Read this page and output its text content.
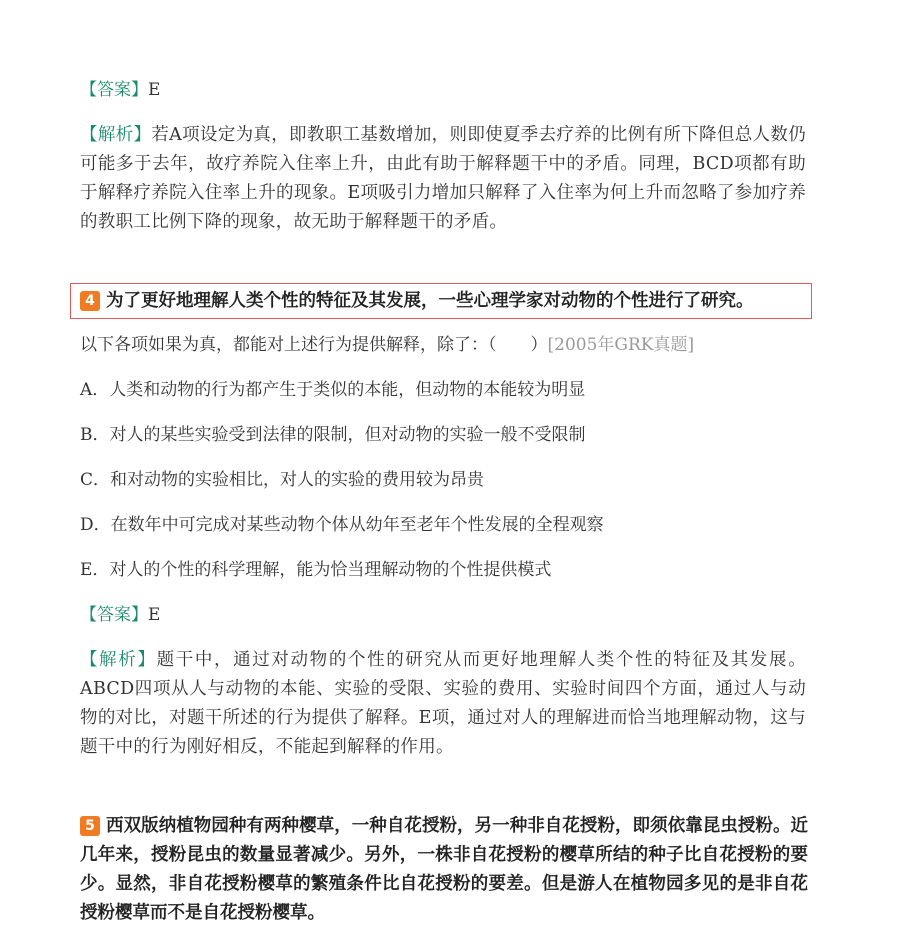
【答案】E
【解析】若A项设定为真，即教职工基数增加，则即使夏季去疗养的比例有所下降但总人数仍可能多于去年，故疗养院入住率上升，由此有助于解释题干中的矛盾。同理，BCD项都有助于解释疗养院入住率上升的现象。E项吸引力增加只解释了入住率为何上升而忽略了参加疗养的教职工比例下降的现象，故无助于解释题干的矛盾。
4 为了更好地理解人类个性的特征及其发展，一些心理学家对动物的个性进行了研究。
以下各项如果为真，都能对上述行为提供解释，除了：（　　）[2005年GRK真题]
A．人类和动物的行为都产生于类似的本能，但动物的本能较为明显
B．对人的某些实验受到法律的限制，但对动物的实验一般不受限制
C．和对动物的实验相比，对人的实验的费用较为昂贵
D．在数年中可完成对某些动物个体从幼年至老年个性发展的全程观察
E．对人的个性的科学理解，能为恰当理解动物的个性提供模式
【答案】E
【解析】题干中，通过对动物的个性的研究从而更好地理解人类个性的特征及其发展。ABCD四项从人与动物的本能、实验的受限、实验的费用、实验时间四个方面，通过人与动物的对比，对题干所述的行为提供了解释。E项，通过对人的理解进而恰当地理解动物，这与题干中的行为刚好相反，不能起到解释的作用。
5 西双版纳植物园种有两种樱草，一种自花授粉，另一种非自花授粉，即须依靠昆虫授粉。近几年来，授粉昆虫的数量显著减少。另外，一株非自花授粉的樱草所结的种子比自花授粉的要少。显然，非自花授粉樱草的繁殖条件比自花授粉的要差。但是游人在植物园多见的是非自花授粉樱草而不是自花授粉樱草。
